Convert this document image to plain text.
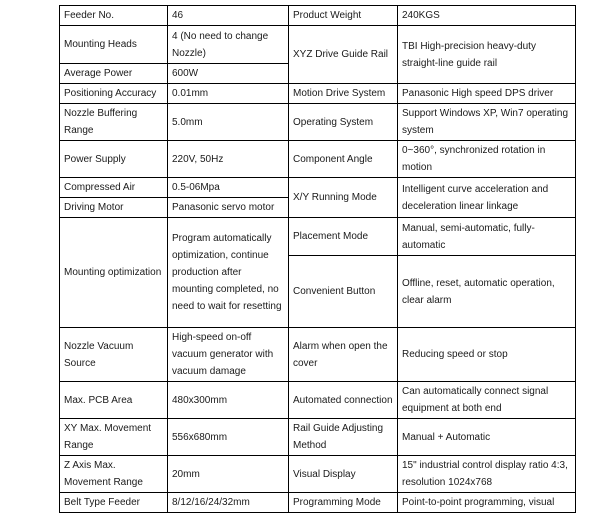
Feeder No.	46	Product Weight	240KGS
Mounting Heads	4 (No need to change Nozzle)	XYZ Drive Guide Rail	TBI High-precision heavy-duty straight-line guide rail
Average Power	600W		
Positioning Accuracy	0.01mm	Motion Drive System	Panasonic High speed DPS driver
Nozzle Buffering Range	5.0mm	Operating System	Support Windows XP, Win7 operating system
Power Supply	220V, 50Hz	Component Angle	0~360°, synchronized rotation in motion
Compressed Air	0.5-06Mpa	X/Y Running Mode	Intelligent curve acceleration and deceleration linear linkage
Driving Motor	Panasonic servo motor		
Mounting optimization	Program automatically optimization, continue production after mounting completed, no need to wait for resetting	Placement Mode	Manual, semi-automatic, fully-automatic
		Convenient Button	Offline, reset, automatic operation, clear alarm
Nozzle Vacuum Source	High-speed on-off vacuum generator with vacuum damage	Alarm when open the cover	Reducing speed or stop
Max. PCB Area	480x300mm	Automated connection	Can automatically connect signal equipment at both end
XY Max. Movement Range	556x680mm	Rail Guide Adjusting Method	Manual + Automatic
Z Axis Max. Movement Range	20mm	Visual Display	15" industrial control display ratio 4:3, resolution 1024x768
Belt Type Feeder	8/12/16/24/32mm	Programming Mode	Point-to-point programming, visual
